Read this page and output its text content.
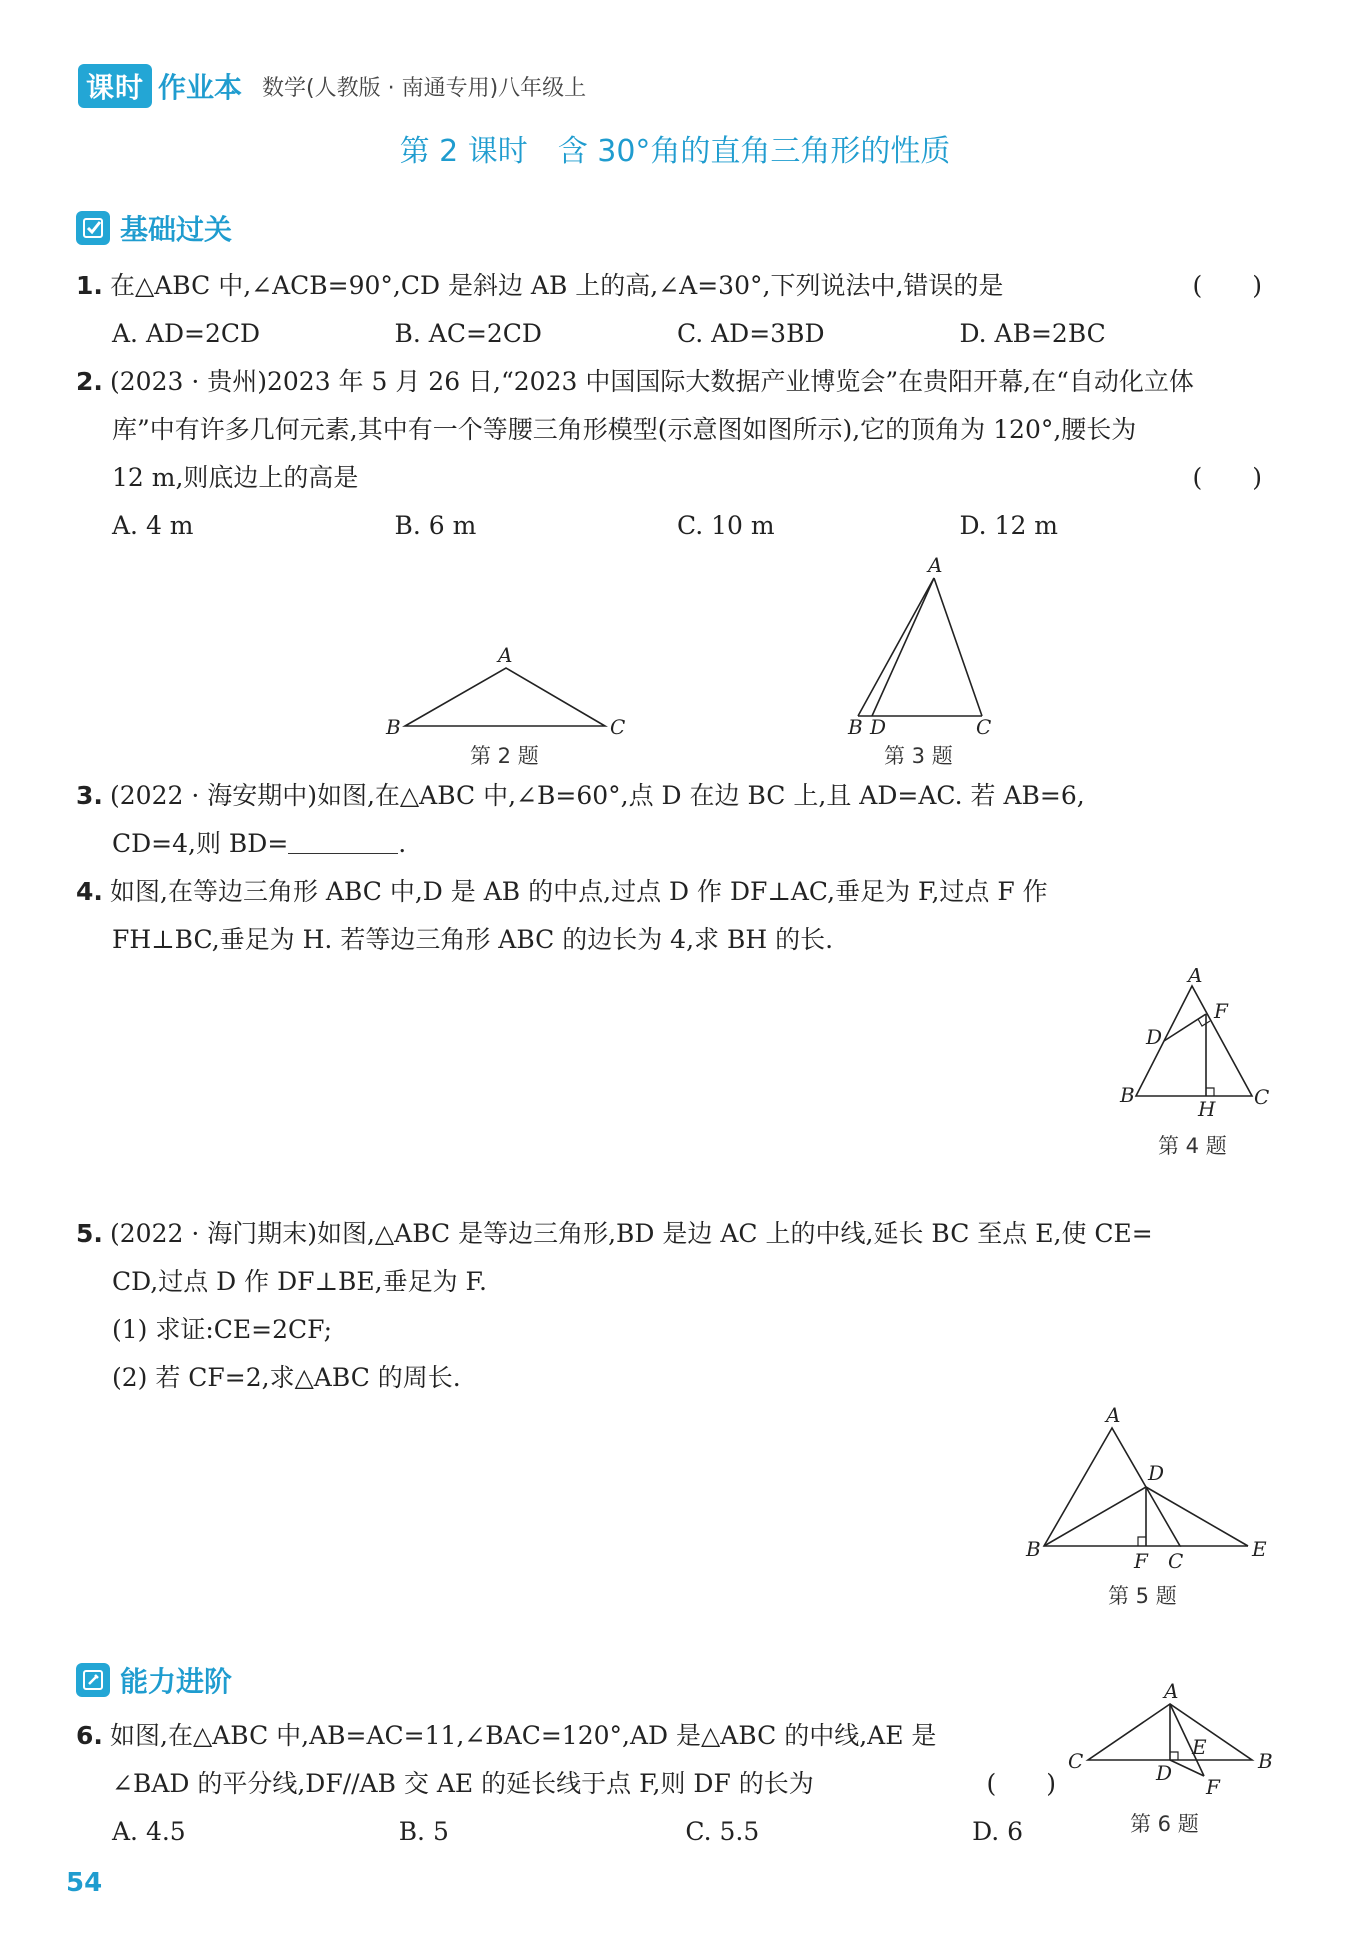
课时 作业本 数学(人教版 · 南通专用)八年级上
第 2 课时　含 30°角的直角三角形的性质
基础过关
1. 在△ABC 中,∠ACB=90°,CD 是斜边 AB 上的高,∠A=30°,下列说法中,错误的是	(　　)
A. AD=2CD	B. AC=2CD	C. AD=3BD	D. AB=2BC
2. (2023 · 贵州)2023 年 5 月 26 日,“2023 中国国际大数据产业博览会”在贵阳开幕,在“自动化立体
库”中有许多几何元素,其中有一个等腰三角形模型(示意图如图所示),它的顶角为 120°,腰长为
12 m,则底边上的高是	(　　)
A. 4 m	B. 6 m	C. 10 m	D. 12 m
A
B	C
第 2 题
A
B D	C
第 3 题
3. (2022 · 海安期中)如图,在△ABC 中,∠B=60°,点 D 在边 BC 上,且 AD=AC. 若 AB=6,
CD=4,则 BD=	.
4. 如图,在等边三角形 ABC 中,D 是 AB 的中点,过点 D 作 DF⊥AC,垂足为 F,过点 F 作
FH⊥BC,垂足为 H. 若等边三角形 ABC 的边长为 4,求 BH 的长.
A
F
D
B
H C
第 4 题
5. (2022 · 海门期末)如图,△ABC 是等边三角形,BD 是边 AC 上的中线,延长 BC 至点 E,使 CE=
CD,过点 D 作 DF⊥BE,垂足为 F.
(1) 求证:CE=2CF;
(2) 若 CF=2,求△ABC 的周长.
A
D
B	F C	E
第 5 题
能力进阶
6. 如图,在△ABC 中,AB=AC=11,∠BAC=120°,AD 是△ABC 的中线,AE 是
∠BAD 的平分线,DF//AB 交 AE 的延长线于点 F,则 DF 的长为	(　　)
A. 4.5	B. 5	C. 5.5	D. 6
A
C	B
E
D
F
第 6 题
54
